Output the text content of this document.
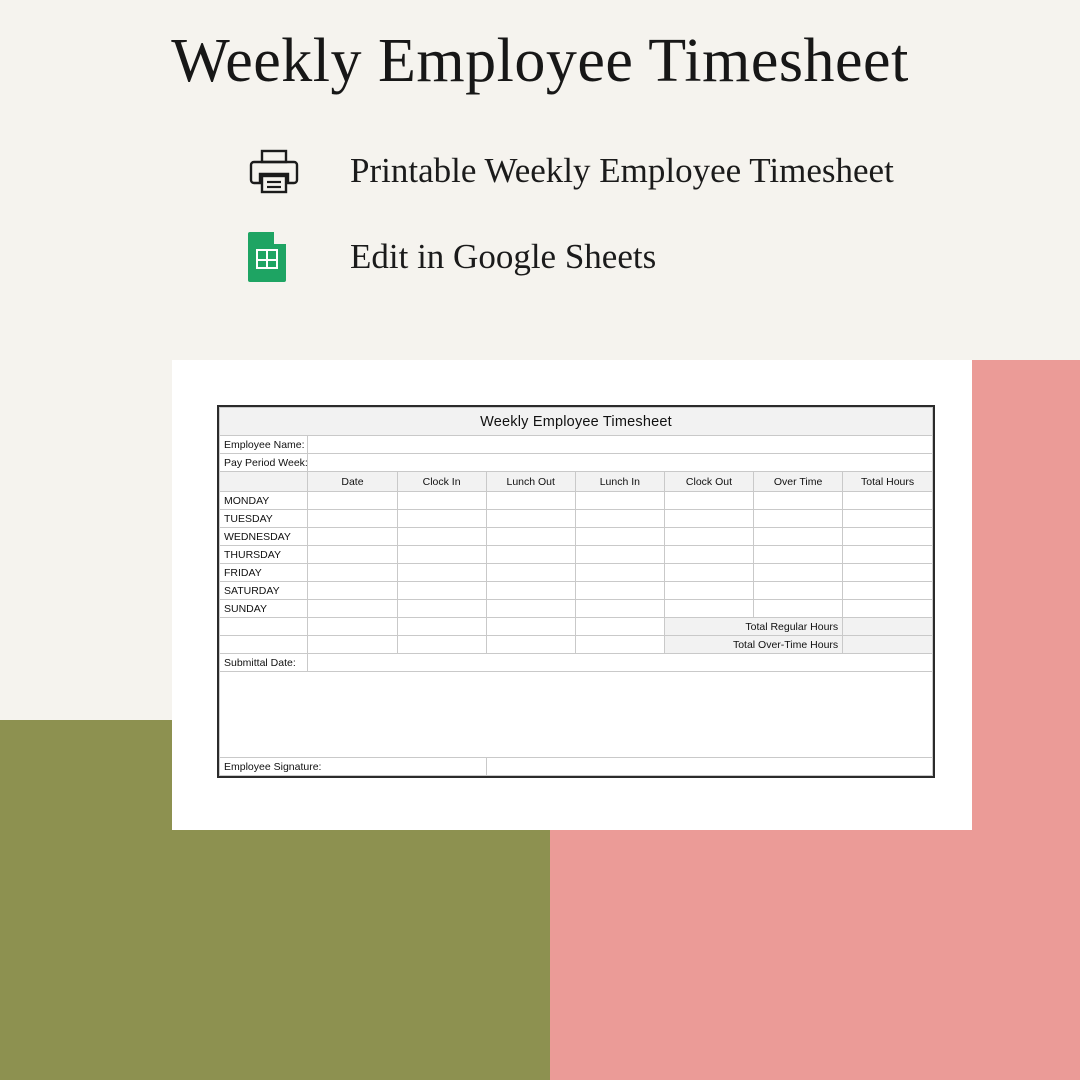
Weekly Employee Timesheet
Printable Weekly Employee Timesheet
Edit in Google Sheets
Weekly Employee Timesheet							
Employee Name:							
Pay Period Week:							
	Date	Clock In	Lunch Out	Lunch In	Clock Out	Over Time	Total Hours
MONDAY							
TUESDAY							
WEDNESDAY							
THURSDAY							
FRIDAY							
SATURDAY							
SUNDAY							
					Total Regular Hours		
					Total Over-Time Hours		
Submittal Date:							

Employee Signature:							
